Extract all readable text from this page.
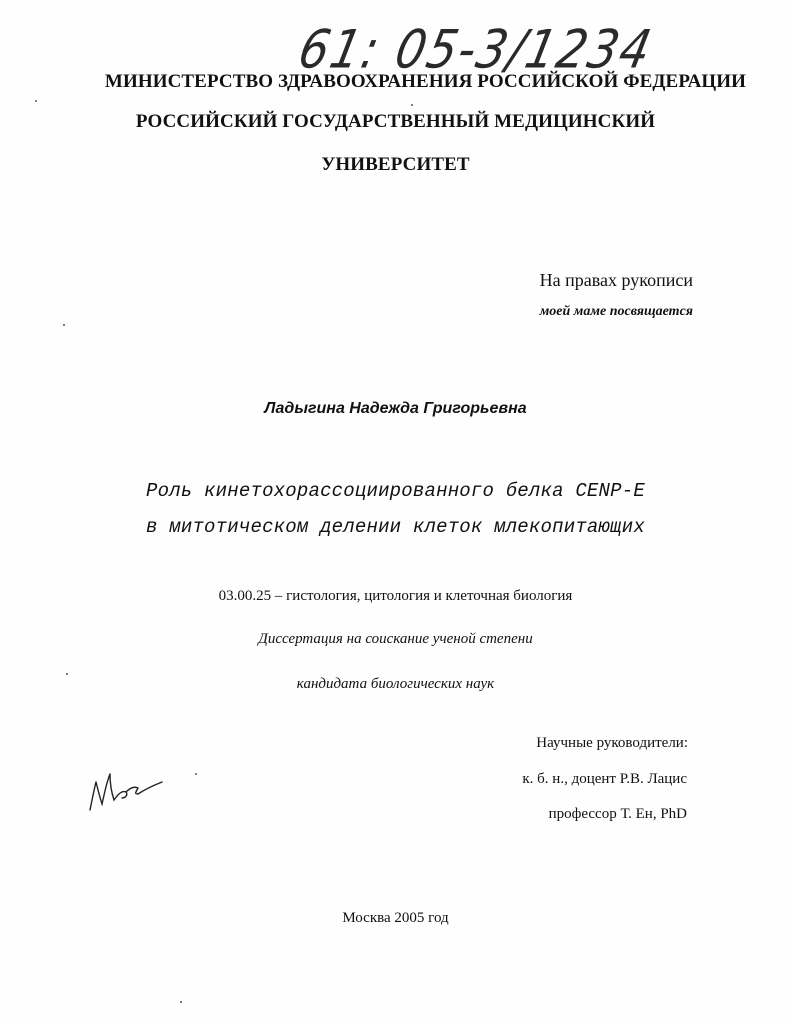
61: 05-3/1234
МИНИСТЕРСТВО ЗДРАВООХРАНЕНИЯ РОССИЙСКОЙ ФЕДЕРАЦИИ
РОССИЙСКИЙ ГОСУДАРСТВЕННЫЙ МЕДИЦИНСКИЙ
УНИВЕРСИТЕТ
На правах рукописи
моей маме посвящается
Ладыгина Надежда Григорьевна
Роль кинетохорассоциированного белка CENP-E
в митотическом делении клеток млекопитающих
03.00.25 – гистология, цитология и клеточная биология
Диссертация на соискание ученой степени
кандидата биологических наук
Научные руководители:
к. б. н., доцент Р.В. Лацис
профессор Т. Ен, PhD
Москва 2005 год
